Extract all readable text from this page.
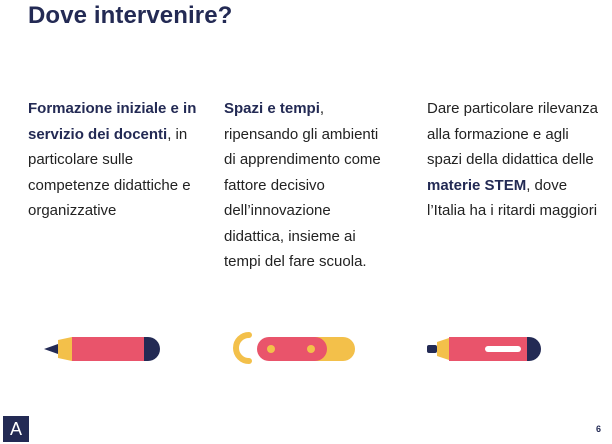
Dove intervenire?
Formazione iniziale e in servizio dei docenti, in particolare sulle competenze didattiche e organizzative
Spazi e tempi, ripensando gli ambienti di apprendimento come fattore decisivo dell’innovazione didattica, insieme ai tempi del fare scuola.
Dare particolare rilevanza alla formazione e agli spazi della didattica delle materie STEM, dove l’Italia ha i ritardi maggiori
A	6
